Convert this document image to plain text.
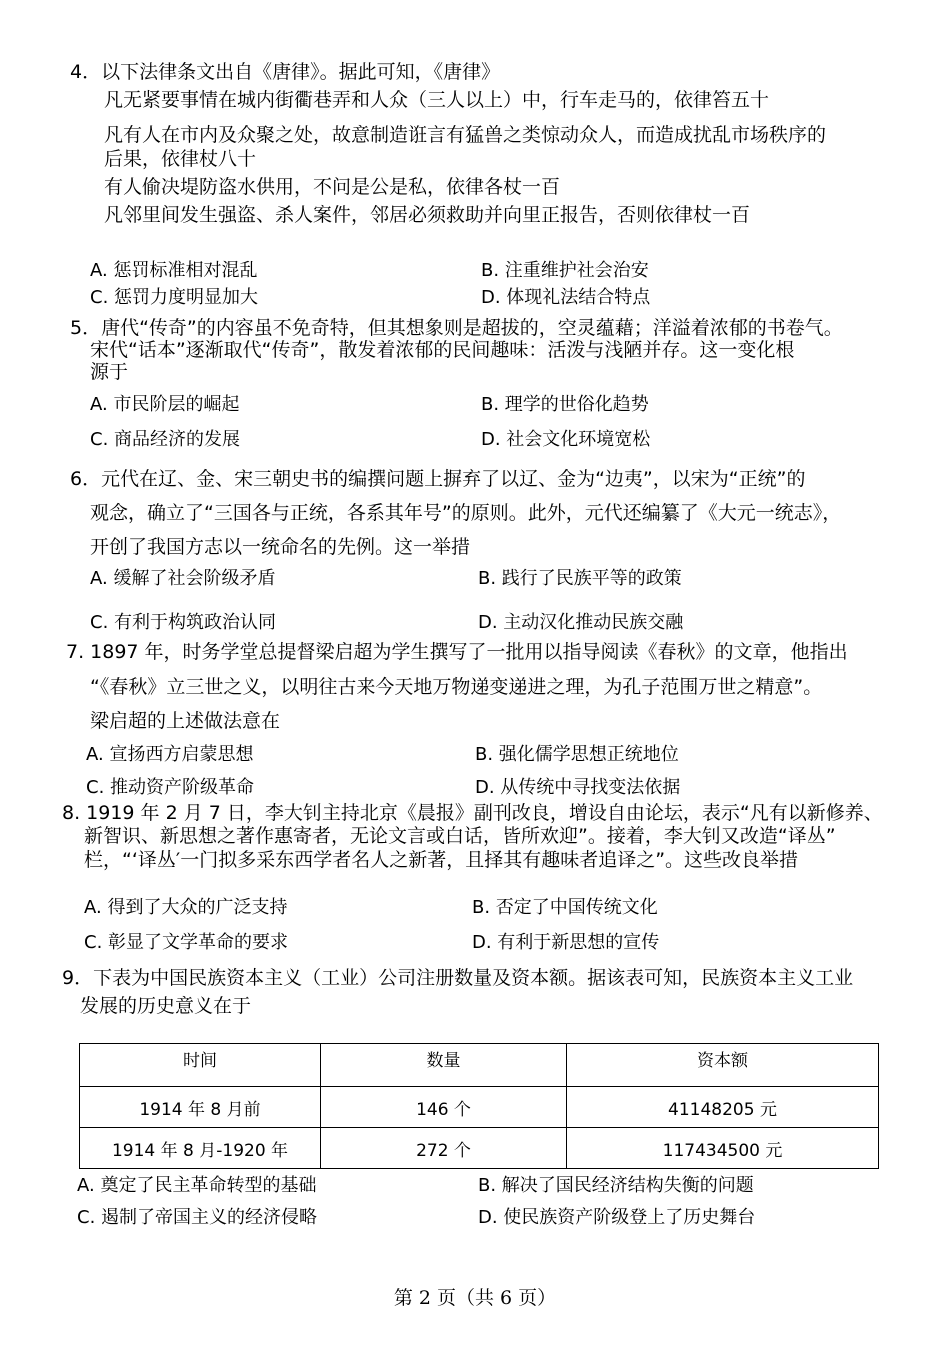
4．以下法律条文出自《唐律》。据此可知，《唐律》
凡无紧要事情在城内街衢巷弄和人众（三人以上）中，行车走马的，依律笞五十
凡有人在市内及众聚之处，故意制造诳言有猛兽之类惊动众人，而造成扰乱市场秩序的
后果，依律杖八十
有人偷决堤防盗水供用，不问是公是私，依律各杖一百
凡邻里间发生强盗、杀人案件，邻居必须救助并向里正报告，否则依律杖一百
A. 惩罚标准相对混乱	B. 注重维护社会治安
C. 惩罚力度明显加大	D. 体现礼法结合特点
5．唐代“传奇”的内容虽不免奇特，但其想象则是超拔的，空灵蕴藉；洋溢着浓郁的书卷气。
宋代“话本”逐渐取代“传奇”，散发着浓郁的民间趣味：活泼与浅陋并存。这一变化根
源于
A. 市民阶层的崛起	B. 理学的世俗化趋势
C. 商品经济的发展	D. 社会文化环境宽松
6．元代在辽、金、宋三朝史书的编撰问题上摒弃了以辽、金为“边夷”，以宋为“正统”的
观念，确立了“三国各与正统，各系其年号”的原则。此外，元代还编纂了《大元一统志》，
开创了我国方志以一统命名的先例。这一举措
A. 缓解了社会阶级矛盾	B. 践行了民族平等的政策
C. 有利于构筑政治认同	D. 主动汉化推动民族交融
7. 1897 年，时务学堂总提督梁启超为学生撰写了一批用以指导阅读《春秋》的文章，他指出
“《春秋》立三世之义，以明往古来今天地万物递变递进之理，为孔子范围万世之精意”。
梁启超的上述做法意在
A. 宣扬西方启蒙思想	B. 强化儒学思想正统地位
C. 推动资产阶级革命	D. 从传统中寻找变法依据
8. 1919 年 2 月 7 日，李大钊主持北京《晨报》副刊改良，增设自由论坛，表示“凡有以新修养、
新智识、新思想之著作惠寄者，无论文言或白话，皆所欢迎”。接着，李大钊又改造“译丛”
栏，“‘译丛′一门拟多采东西学者名人之新著，且择其有趣味者追译之”。这些改良举措
A. 得到了大众的广泛支持	B. 否定了中国传统文化
C. 彰显了文学革命的要求	D. 有利于新思想的宣传
9．下表为中国民族资本主义（工业）公司注册数量及资本额。据该表可知，民族资本主义工业
发展的历史意义在于
时间	数量	资本额
1914 年 8 月前	146 个	41148205 元
1914 年 8 月-1920 年	272 个	117434500 元
A. 奠定了民主革命转型的基础	B. 解决了国民经济结构失衡的问题
C. 遏制了帝国主义的经济侵略	D. 使民族资产阶级登上了历史舞台
第 2 页（共 6 页）
